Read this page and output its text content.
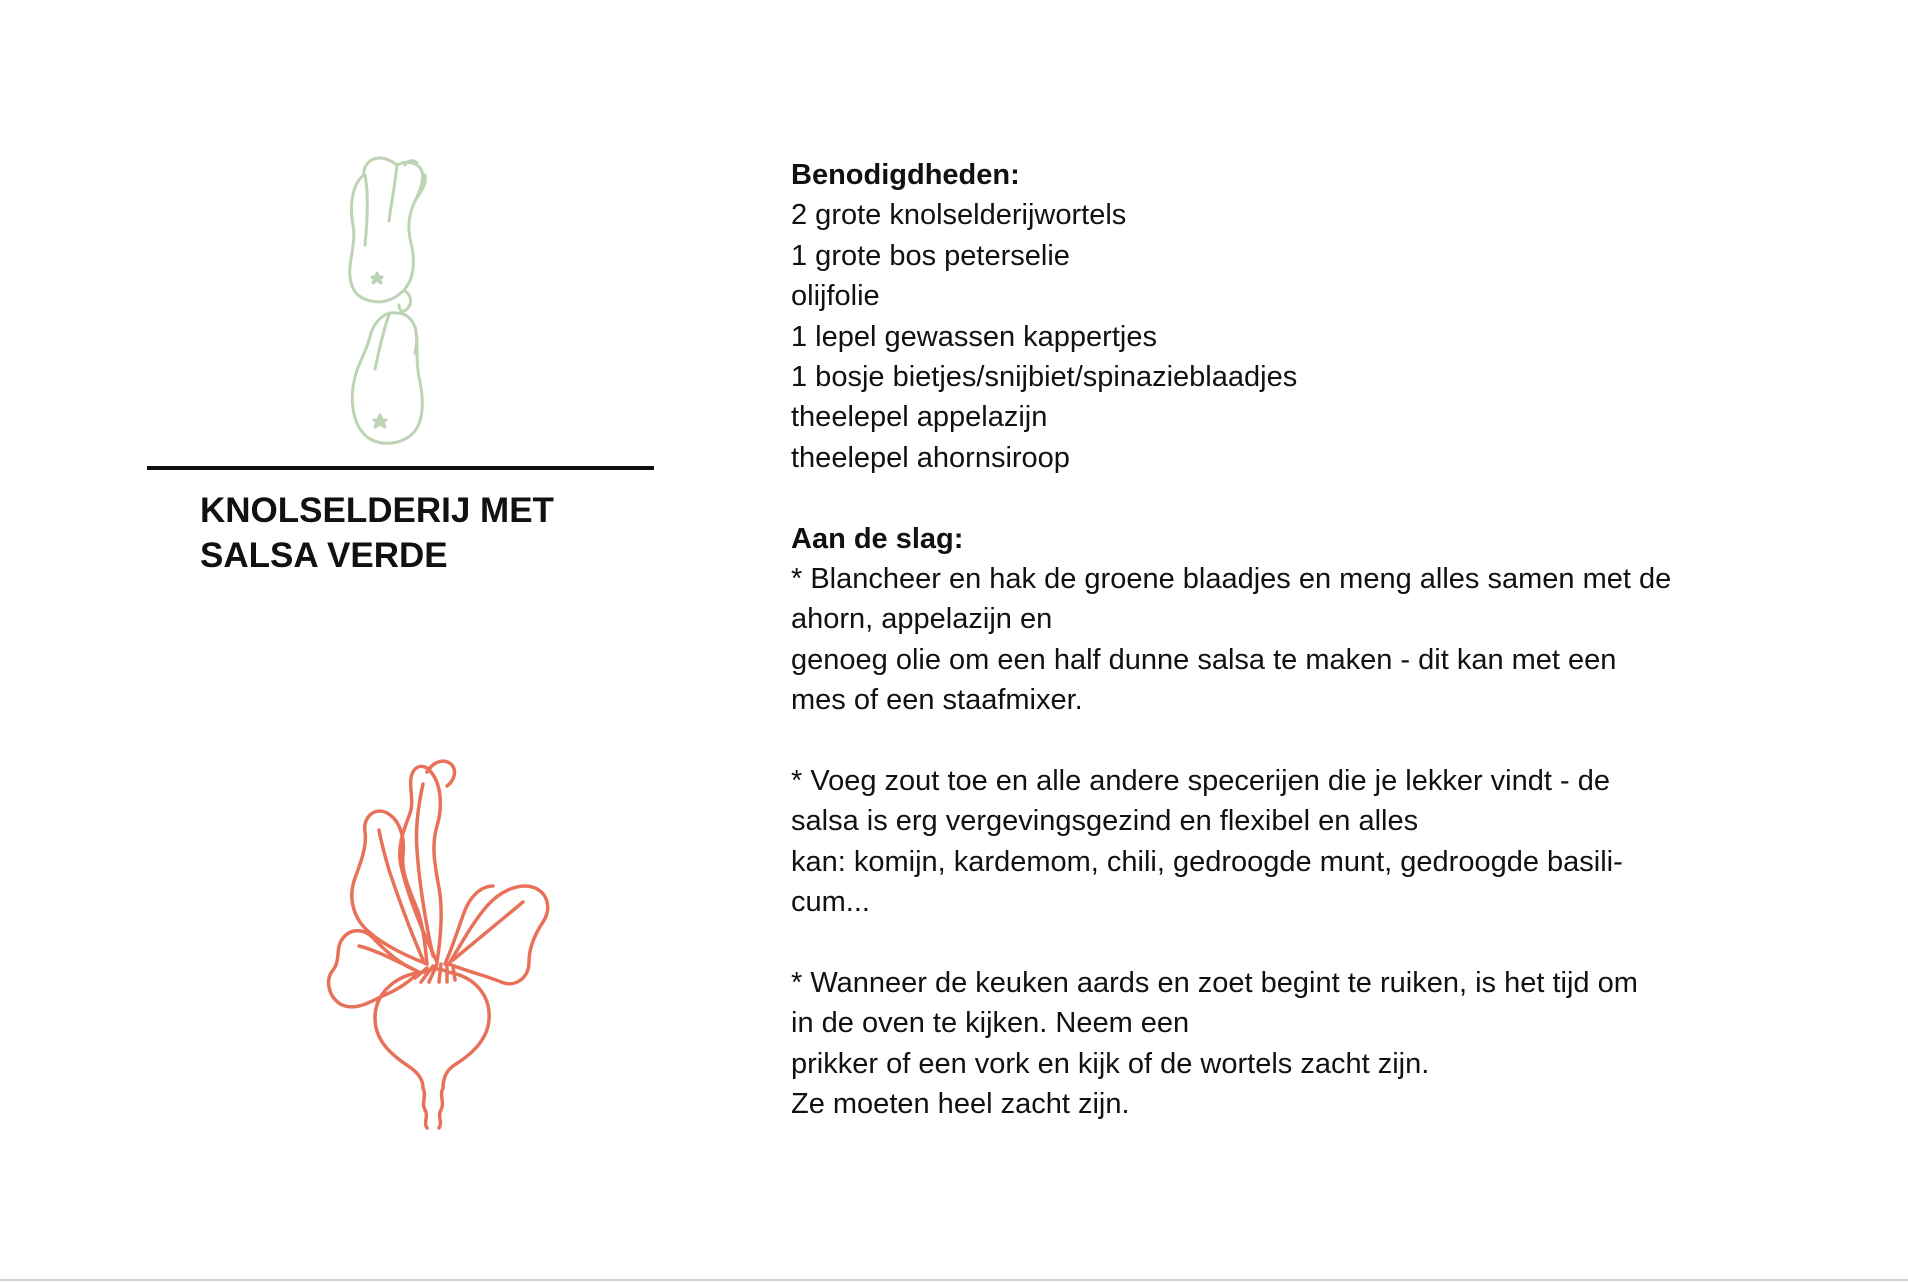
KNOLSELDERIJ MET
SALSA VERDE
Benodigdheden:
2 grote knolselderijwortels
1 grote bos peterselie
olijfolie
1 lepel gewassen kappertjes
1 bosje bietjes/snijbiet/spinazieblaadjes
theelepel appelazijn
theelepel ahornsiroop
Aan de slag:
* Blancheer en hak de groene blaadjes en meng alles samen met de
ahorn, appelazijn en
genoeg olie om een half dunne salsa te maken - dit kan met een
mes of een staafmixer.
* Voeg zout toe en alle andere specerijen die je lekker vindt - de
salsa is erg vergevingsgezind en flexibel en alles
kan: komijn, kardemom, chili, gedroogde munt, gedroogde basili-
cum...
* Wanneer de keuken aards en zoet begint te ruiken, is het tijd om
in de oven te kijken. Neem een
prikker of een vork en kijk of de wortels zacht zijn.
Ze moeten heel zacht zijn.
